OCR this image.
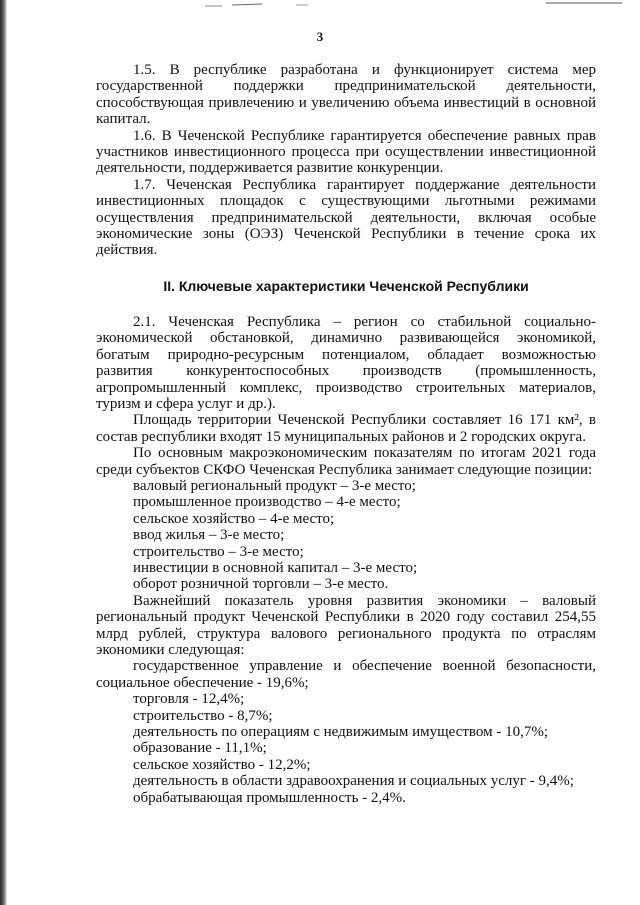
3

1.5. В республике разработана и функционирует система мер государственной поддержки предпринимательской деятельности, способствующая привлечению и увеличению объема инвестиций в основной капитал.

1.6. В Чеченской Республике гарантируется обеспечение равных прав участников инвестиционного процесса при осуществлении инвестиционной деятельности, поддерживается развитие конкуренции.

1.7. Чеченская Республика гарантирует поддержание деятельности инвестиционных площадок с существующими льготными режимами осуществления предпринимательской деятельности, включая особые экономические зоны (ОЭЗ) Чеченской Республики в течение срока их действия.

II. Ключевые характеристики Чеченской Республики

2.1. Чеченская Республика – регион со стабильной социально-экономической обстановкой, динамично развивающейся экономикой, богатым природно-ресурсным потенциалом, обладает возможностью развития конкурентоспособных производств (промышленность, агропромышленный комплекс, производство строительных материалов, туризм и сфера услуг и др.).

Площадь территории Чеченской Республики составляет 16 171 км², в состав республики входят 15 муниципальных районов и 2 городских округа.

По основным макроэкономическим показателям по итогам 2021 года среди субъектов СКФО Чеченская Республика занимает следующие позиции:

валовый региональный продукт – 3-е место;

промышленное производство – 4-е место;

сельское хозяйство – 4-е место;

ввод жилья – 3-е место;

строительство – 3-е место;

инвестиции в основной капитал – 3-е место;

оборот розничной торговли – 3-е место.

Важнейший показатель уровня развития экономики – валовый региональный продукт Чеченской Республики в 2020 году составил 254,55 млрд рублей, структура валового регионального продукта по отраслям экономики следующая:

государственное управление и обеспечение военной безопасности, социальное обеспечение - 19,6%;

торговля - 12,4%;

строительство - 8,7%;

деятельность по операциям с недвижимым имуществом - 10,7%;

образование - 11,1%;

сельское хозяйство - 12,2%;

деятельность в области здравоохранения и социальных услуг - 9,4%;

обрабатывающая промышленность - 2,4%.
